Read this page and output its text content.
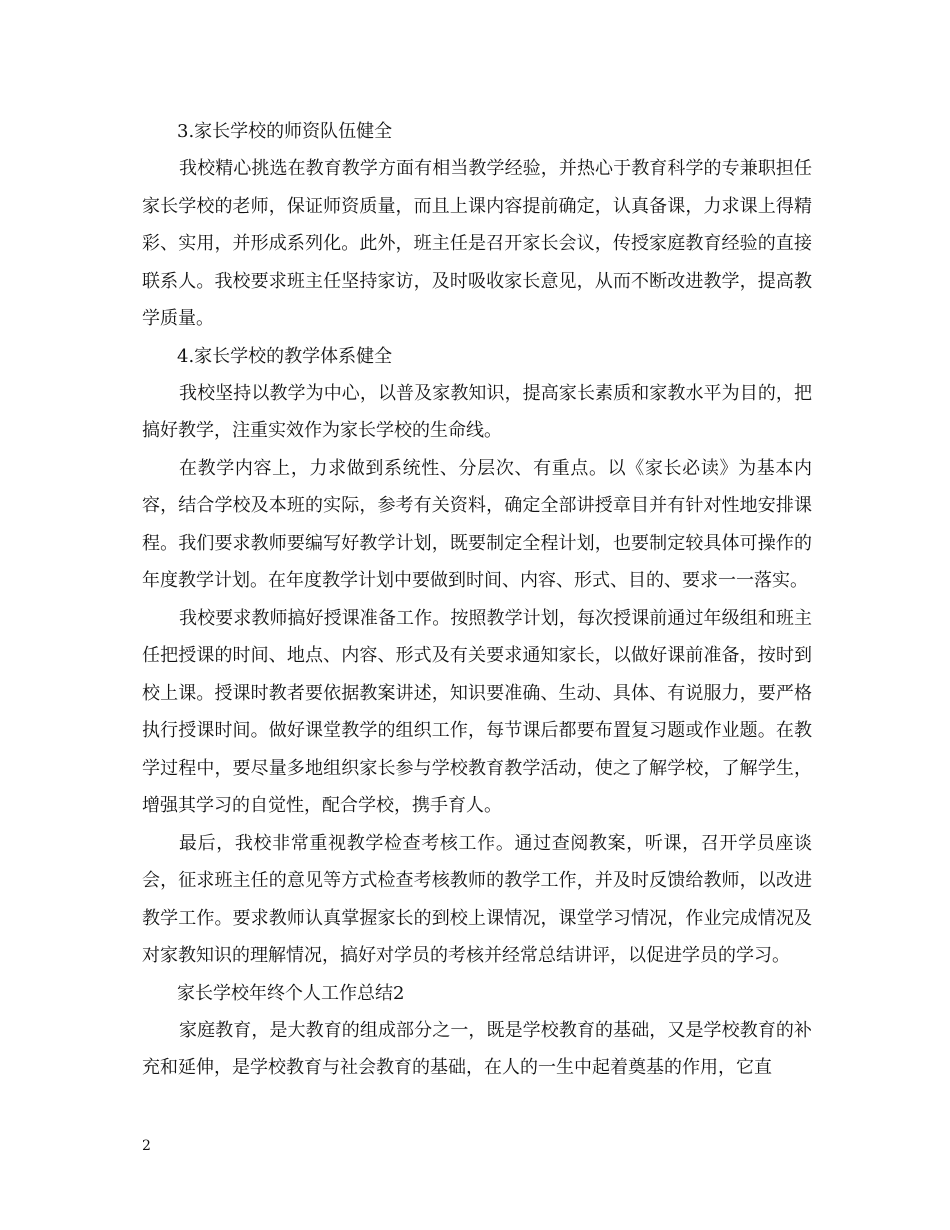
3.家长学校的师资队伍健全

我校精心挑选在教育教学方面有相当教学经验，并热心于教育科学的专兼职担任家长学校的老师，保证师资质量，而且上课内容提前确定，认真备课，力求课上得精彩、实用，并形成系列化。此外，班主任是召开家长会议，传授家庭教育经验的直接联系人。我校要求班主任坚持家访，及时吸收家长意见，从而不断改进教学，提高教学质量。

4.家长学校的教学体系健全

我校坚持以教学为中心，以普及家教知识，提高家长素质和家教水平为目的，把搞好教学，注重实效作为家长学校的生命线。

在教学内容上，力求做到系统性、分层次、有重点。以《家长必读》为基本内容，结合学校及本班的实际，参考有关资料，确定全部讲授章目并有针对性地安排课程。我们要求教师要编写好教学计划，既要制定全程计划，也要制定较具体可操作的年度教学计划。在年度教学计划中要做到时间、内容、形式、目的、要求一一落实。

我校要求教师搞好授课准备工作。按照教学计划，每次授课前通过年级组和班主任把授课的时间、地点、内容、形式及有关要求通知家长，以做好课前准备，按时到校上课。授课时教者要依据教案讲述，知识要准确、生动、具体、有说服力，要严格执行授课时间。做好课堂教学的组织工作，每节课后都要布置复习题或作业题。在教学过程中，要尽量多地组织家长参与学校教育教学活动，使之了解学校，了解学生，增强其学习的自觉性，配合学校，携手育人。

最后，我校非常重视教学检查考核工作。通过查阅教案，听课，召开学员座谈会，征求班主任的意见等方式检查考核教师的教学工作，并及时反馈给教师，以改进教学工作。要求教师认真掌握家长的到校上课情况，课堂学习情况，作业完成情况及对家教知识的理解情况，搞好对学员的考核并经常总结讲评，以促进学员的学习。

家长学校年终个人工作总结2

家庭教育，是大教育的组成部分之一，既是学校教育的基础，又是学校教育的补充和延伸，是学校教育与社会教育的基础，在人的一生中起着奠基的作用，它直

2
